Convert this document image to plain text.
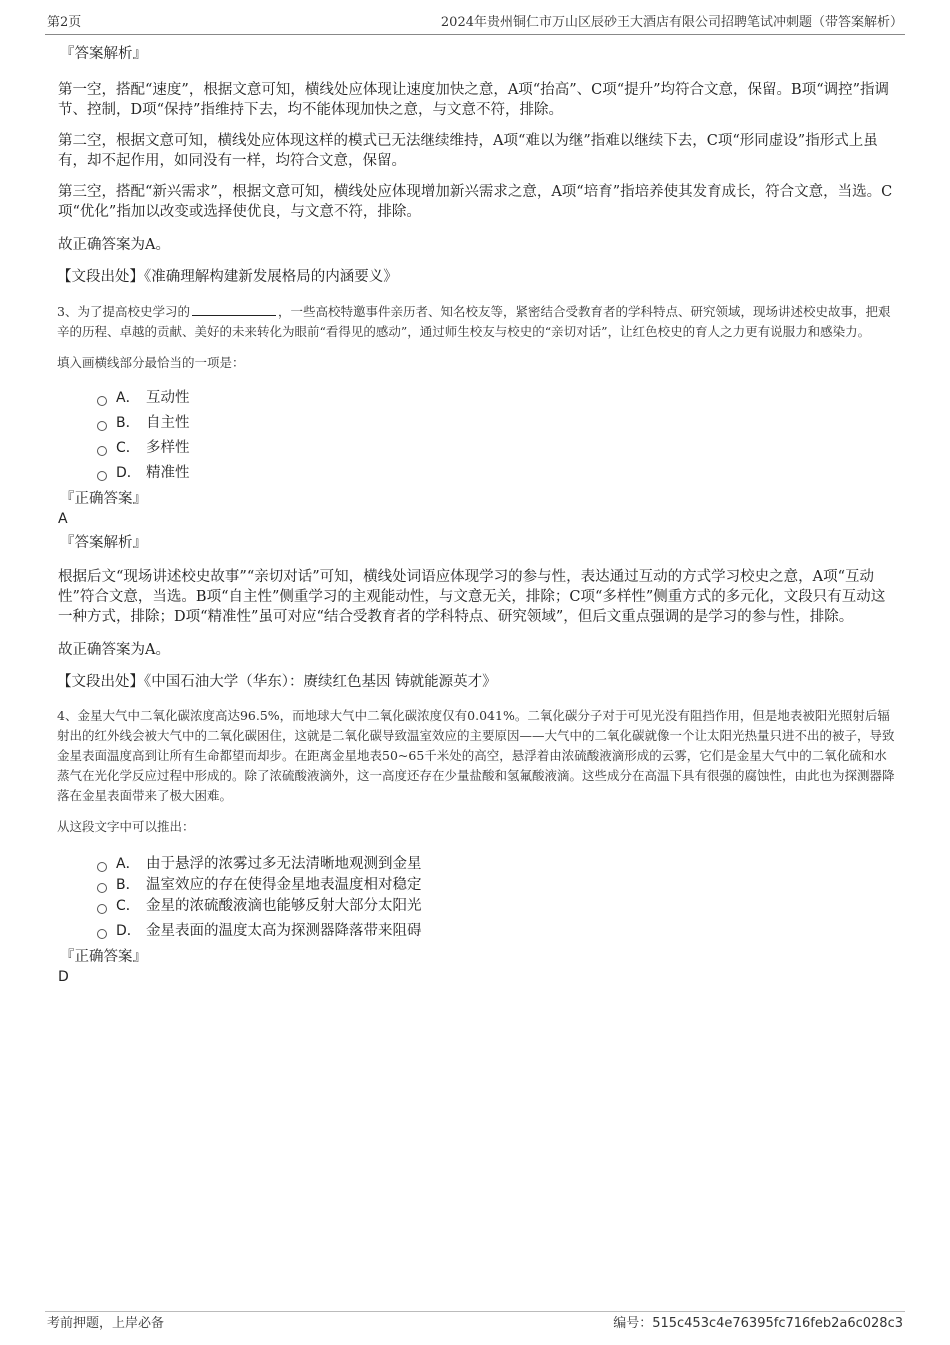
第2页	2024年贵州铜仁市万山区辰砂王大酒店有限公司招聘笔试冲刺题（带答案解析）

『答案解析』

第一空，搭配“速度”，根据文意可知，横线处应体现让速度加快之意，A项“抬高”、C项“提升”均符合文意，保留。B项“调控”指调节、控制，D项“保持”指维持下去，均不能体现加快之意，与文意不符，排除。

第二空，根据文意可知，横线处应体现这样的模式已无法继续维持，A项“难以为继”指难以继续下去，C项“形同虚设”指形式上虽有，却不起作用，如同没有一样，均符合文意，保留。

第三空，搭配“新兴需求”，根据文意可知，横线处应体现增加新兴需求之意，A项“培育”指培养使其发育成长，符合文意，当选。C项“优化”指加以改变或选择使优良，与文意不符，排除。

故正确答案为A。

【文段出处】《准确理解构建新发展格局的内涵要义》

3、为了提高校史学习的	，一些高校特邀事件亲历者、知名校友等，紧密结合受教育者的学科特点、研究领域，现场讲述校史故事，把艰辛的历程、卓越的贡献、美好的未来转化为眼前“看得见的感动”，通过师生校友与校史的“亲切对话”，让红色校史的育人之力更有说服力和感染力。

填入画横线部分最恰当的一项是：

A． 互动性
B． 自主性
C． 多样性
D． 精准性

『正确答案』

A

『答案解析』

根据后文“现场讲述校史故事”“亲切对话”可知，横线处词语应体现学习的参与性，表达通过互动的方式学习校史之意，A项“互动性”符合文意，当选。B项“自主性”侧重学习的主观能动性，与文意无关，排除；C项“多样性”侧重方式的多元化，文段只有互动这一种方式，排除；D项“精准性”虽可对应“结合受教育者的学科特点、研究领域”，但后文重点强调的是学习的参与性，排除。

故正确答案为A。

【文段出处】《中国石油大学（华东）：赓续红色基因 铸就能源英才》

4、金星大气中二氧化碳浓度高达96.5%，而地球大气中二氧化碳浓度仅有0.041%。二氧化碳分子对于可见光没有阻挡作用，但是地表被阳光照射后辐射出的红外线会被大气中的二氧化碳困住，这就是二氧化碳导致温室效应的主要原因——大气中的二氧化碳就像一个让太阳光热量只进不出的被子，导致金星表面温度高到让所有生命都望而却步。在距离金星地表50~65千米处的高空，悬浮着由浓硫酸液滴形成的云雾，它们是金星大气中的二氧化硫和水蒸气在光化学反应过程中形成的。除了浓硫酸液滴外，这一高度还存在少量盐酸和氢氟酸液滴。这些成分在高温下具有很强的腐蚀性，由此也为探测器降落在金星表面带来了极大困难。

从这段文字中可以推出：

A． 由于悬浮的浓雾过多无法清晰地观测到金星
B． 温室效应的存在使得金星地表温度相对稳定
C． 金星的浓硫酸液滴也能够反射大部分太阳光
D． 金星表面的温度太高为探测器降落带来阻碍

『正确答案』

D

考前押题，上岸必备	编号：515c453c4e76395fc716feb2a6c028c3
